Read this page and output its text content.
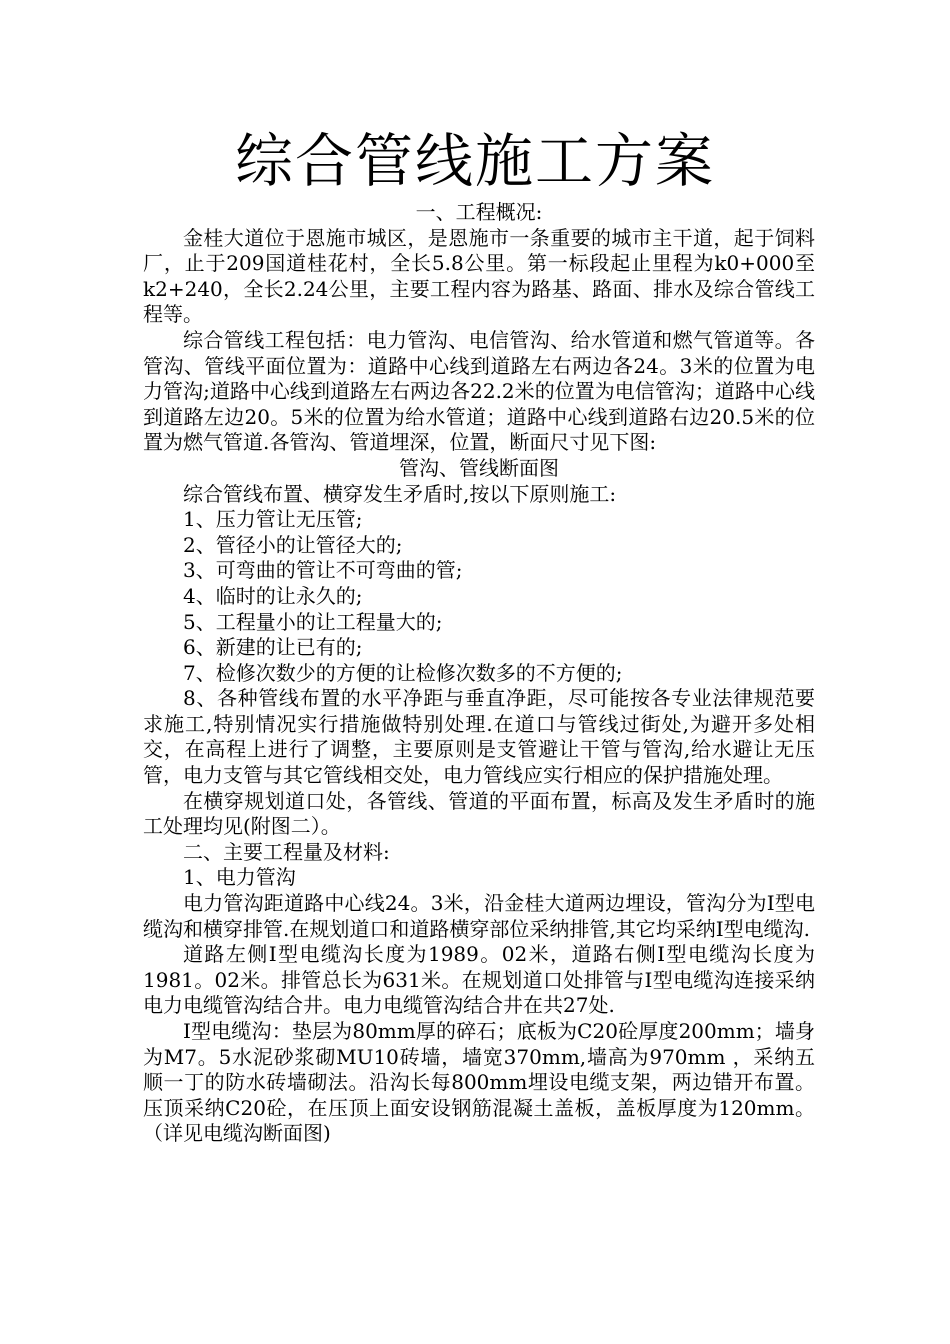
综合管线施工方案

一、工程概况:

金桂大道位于恩施市城区，是恩施市一条重要的城市主干道，起于饲料厂，止于209国道桂花村，全长5.8公里。第一标段起止里程为k0+000至k2+240，全长2.24公里，主要工程内容为路基、路面、排水及综合管线工程等。

综合管线工程包括：电力管沟、电信管沟、给水管道和燃气管道等。各管沟、管线平面位置为：道路中心线到道路左右两边各24。3米的位置为电力管沟;道路中心线到道路左右两边各22.2米的位置为电信管沟；道路中心线到道路左边20。5米的位置为给水管道；道路中心线到道路右边20.5米的位置为燃气管道.各管沟、管道埋深，位置，断面尺寸见下图:

管沟、管线断面图

综合管线布置、横穿发生矛盾时,按以下原则施工:

1、压力管让无压管;

2、管径小的让管径大的;

3、可弯曲的管让不可弯曲的管;

4、临时的让永久的;

5、工程量小的让工程量大的;

6、新建的让已有的;

7、检修次数少的方便的让检修次数多的不方便的;

8、各种管线布置的水平净距与垂直净距，尽可能按各专业法律规范要求施工,特别情况实行措施做特别处理.在道口与管线过街处,为避开多处相交，在高程上进行了调整，主要原则是支管避让干管与管沟,给水避让无压管，电力支管与其它管线相交处，电力管线应实行相应的保护措施处理。

在横穿规划道口处，各管线、管道的平面布置，标高及发生矛盾时的施工处理均见(附图二）。

二、主要工程量及材料:

1、电力管沟

电力管沟距道路中心线24。3米，沿金桂大道两边埋设，管沟分为Ⅰ型电缆沟和横穿排管.在规划道口和道路横穿部位采纳排管,其它均采纳Ⅰ型电缆沟.

道路左侧Ⅰ型电缆沟长度为1989。02米，道路右侧Ⅰ型电缆沟长度为1981。02米。排管总长为631米。在规划道口处排管与Ⅰ型电缆沟连接采纳电力电缆管沟结合井。电力电缆管沟结合井在共27处.

Ⅰ型电缆沟：垫层为80mm厚的碎石；底板为C20砼厚度200mm；墙身为M7。5水泥砂浆砌MU10砖墙，墙宽370mm,墙高为970mm ，采纳五顺一丁的防水砖墙砌法。沿沟长每800mm埋设电缆支架，两边错开布置。压顶采纳C20砼，在压顶上面安设钢筋混凝土盖板，盖板厚度为120mm。（详见电缆沟断面图)
